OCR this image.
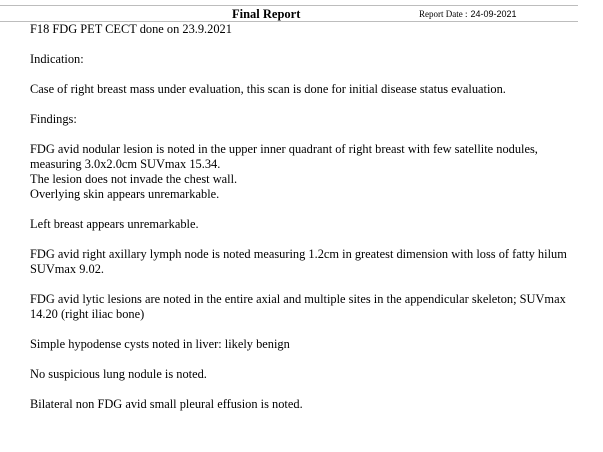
Final Report	Report Date : 24-09-2021

F18 FDG PET CECT done on 23.9.2021

Indication:

Case of right breast mass under evaluation, this scan is done for initial disease status evaluation.

Findings:

FDG avid nodular lesion is noted in the upper inner quadrant of right breast with few satellite nodules,
measuring 3.0x2.0cm SUVmax 15.34.
The lesion does not invade the chest wall.
Overlying skin appears unremarkable.

Left breast appears unremarkable.

FDG avid right axillary lymph node is noted measuring 1.2cm in greatest dimension with loss of fatty hilum
SUVmax 9.02.

FDG avid lytic lesions are noted in the entire axial and multiple sites in the appendicular skeleton; SUVmax
14.20 (right iliac bone)

Simple hypodense cysts noted in liver: likely benign

No suspicious lung nodule is noted.

Bilateral non FDG avid small pleural effusion is noted.
